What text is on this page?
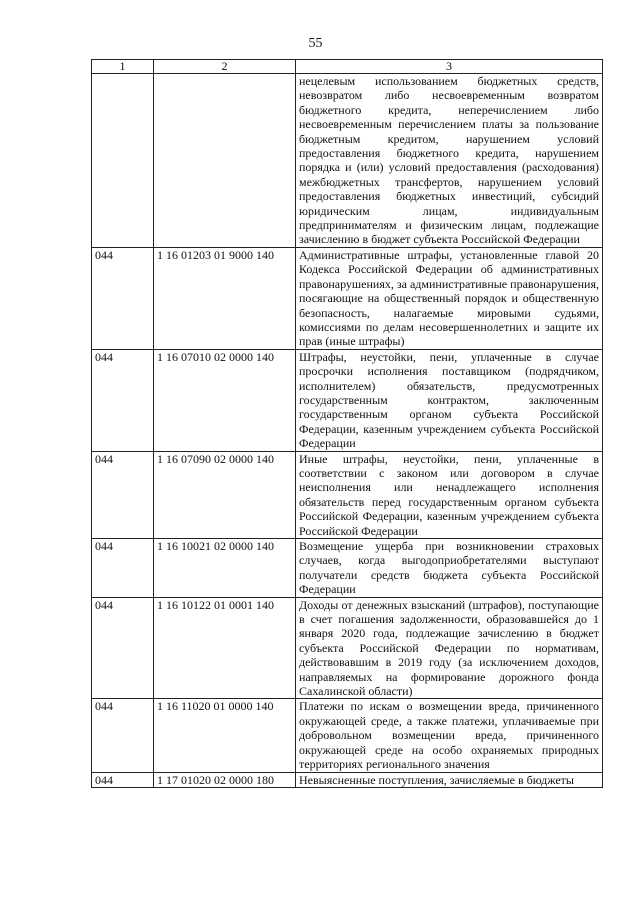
55
1	2	3
		нецелевым использованием бюджетных средств, невозвратом либо несвоевременным возвратом бюджетного кредита, неперечислением либо несвоевременным перечислением платы за пользование бюджетным кредитом, нарушением условий предоставления бюджетного кредита, нарушением порядка и (или) условий предоставления (расходования) межбюджетных трансфертов, нарушением условий предоставления бюджетных инвестиций, субсидий юридическим лицам, индивидуальным предпринимателям и физическим лицам, подлежащие зачислению в бюджет субъекта Российской Федерации
044	1 16 01203 01 9000 140	Административные штрафы, установленные главой 20 Кодекса Российской Федерации об административных правонарушениях, за административные правонарушения, посягающие на общественный порядок и общественную безопасность, налагаемые мировыми судьями, комиссиями по делам несовершеннолетних и защите их прав (иные штрафы)
044	1 16 07010 02 0000 140	Штрафы, неустойки, пени, уплаченные в случае просрочки исполнения поставщиком (подрядчиком, исполнителем) обязательств, предусмотренных государственным контрактом, заключенным государственным органом субъекта Российской Федерации, казенным учреждением субъекта Российской Федерации
044	1 16 07090 02 0000 140	Иные штрафы, неустойки, пени, уплаченные в соответствии с законом или договором в случае неисполнения или ненадлежащего исполнения обязательств перед государственным органом субъекта Российской Федерации, казенным учреждением субъекта Российской Федерации
044	1 16 10021 02 0000 140	Возмещение ущерба при возникновении страховых случаев, когда выгодоприобретателями выступают получатели средств бюджета субъекта Российской Федерации
044	1 16 10122 01 0001 140	Доходы от денежных взысканий (штрафов), поступающие в счет погашения задолженности, образовавшейся до 1 января 2020 года, подлежащие зачислению в бюджет субъекта Российской Федерации по нормативам, действовавшим в 2019 году (за исключением доходов, направляемых на формирование дорожного фонда Сахалинской области)
044	1 16 11020 01 0000 140	Платежи по искам о возмещении вреда, причиненного окружающей среде, а также платежи, уплачиваемые при добровольном возмещении вреда, причиненного окружающей среде на особо охраняемых природных территориях регионального значения
044	1 17 01020 02 0000 180	Невыясненные поступления, зачисляемые в бюджеты
